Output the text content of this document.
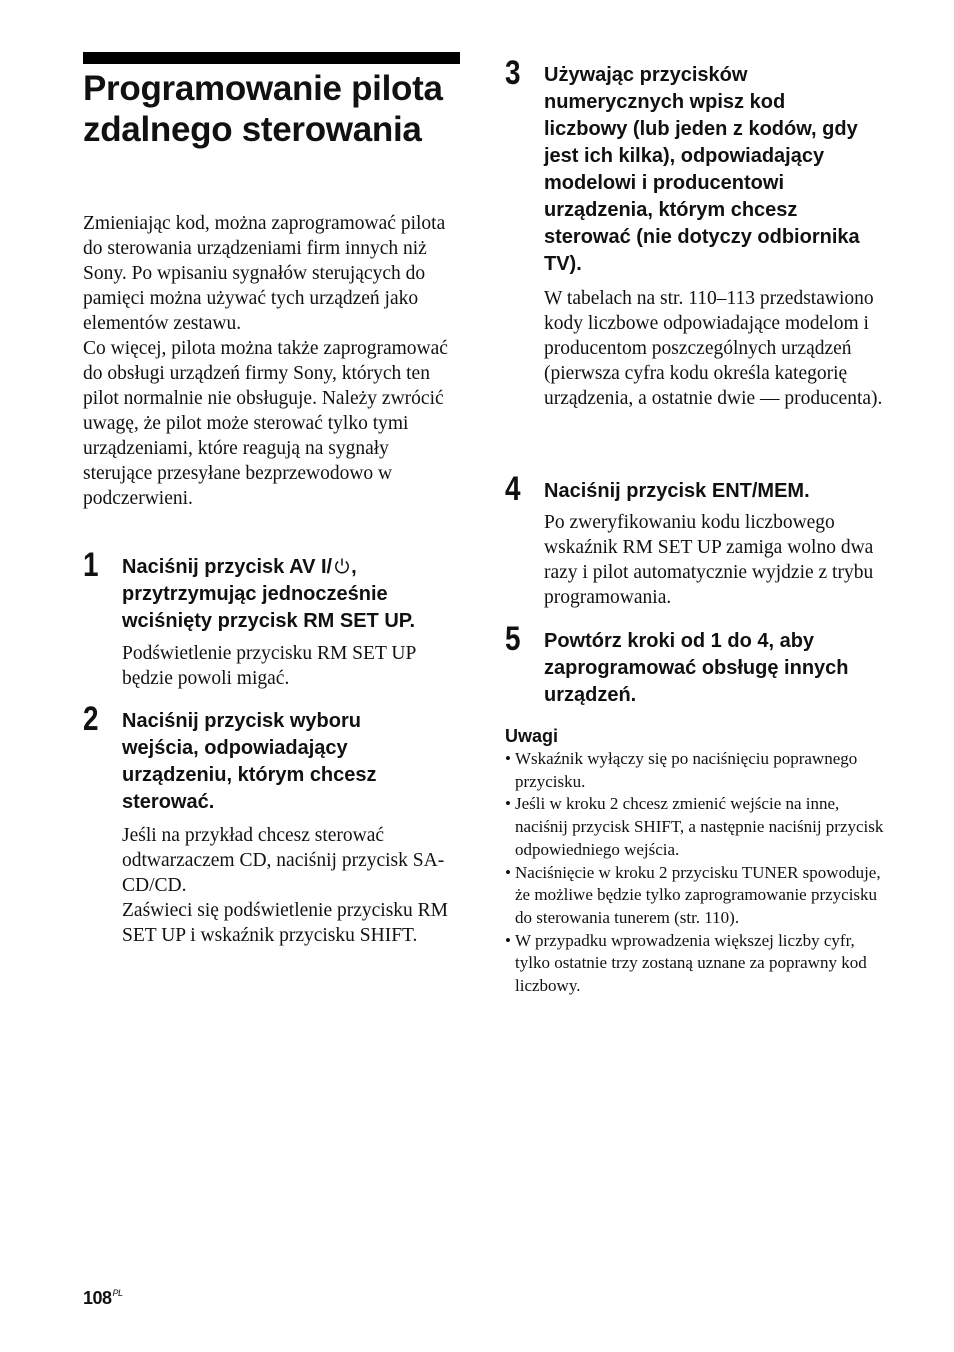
Programowanie pilota zdalnego sterowania

Zmieniając kod, można zaprogramować pilota do sterowania urządzeniami firm innych niż Sony. Po wpisaniu sygnałów sterujących do pamięci można używać tych urządzeń jako elementów zestawu.

Co więcej, pilota można także zaprogramować do obsługi urządzeń firmy Sony, których ten pilot normalnie nie obsługuje. Należy zwrócić uwagę, że pilot może sterować tylko tymi urządzeniami, które reagują na sygnały sterujące przesyłane bezprzewodowo w podczerwieni.

1 Naciśnij przycisk AV I/ , przytrzymując jednocześnie wciśnięty przycisk RM SET UP.

Podświetlenie przycisku RM SET UP będzie powoli migać.

2 Naciśnij przycisk wyboru wejścia, odpowiadający urządzeniu, którym chcesz sterować.

Jeśli na przykład chcesz sterować odtwarzaczem CD, naciśnij przycisk SA-CD/CD.

Zaświeci się podświetlenie przycisku RM SET UP i wskaźnik przycisku SHIFT.

3 Używając przycisków numerycznych wpisz kod liczbowy (lub jeden z kodów, gdy jest ich kilka), odpowiadający modelowi i producentowi urządzenia, którym chcesz sterować (nie dotyczy odbiornika TV).

W tabelach na str. 110–113 przedstawiono kody liczbowe odpowiadające modelom i producentom poszczególnych urządzeń (pierwsza cyfra kodu określa kategorię urządzenia, a ostatnie dwie — producenta).

4 Naciśnij przycisk ENT/MEM.

Po zweryfikowaniu kodu liczbowego wskaźnik RM SET UP zamiga wolno dwa razy i pilot automatycznie wyjdzie z trybu programowania.

5 Powtórz kroki od 1 do 4, aby zaprogramować obsługę innych urządzeń.

Uwagi

• Wskaźnik wyłączy się po naciśnięciu poprawnego przycisku.
• Jeśli w kroku 2 chcesz zmienić wejście na inne, naciśnij przycisk SHIFT, a następnie naciśnij przycisk odpowiedniego wejścia.
• Naciśnięcie w kroku 2 przycisku TUNER spowoduje, że możliwe będzie tylko zaprogramowanie przycisku do sterowania tunerem (str. 110).
• W przypadku wprowadzenia większej liczby cyfr, tylko ostatnie trzy zostaną uznane za poprawny kod liczbowy.
$108^{PL}$
